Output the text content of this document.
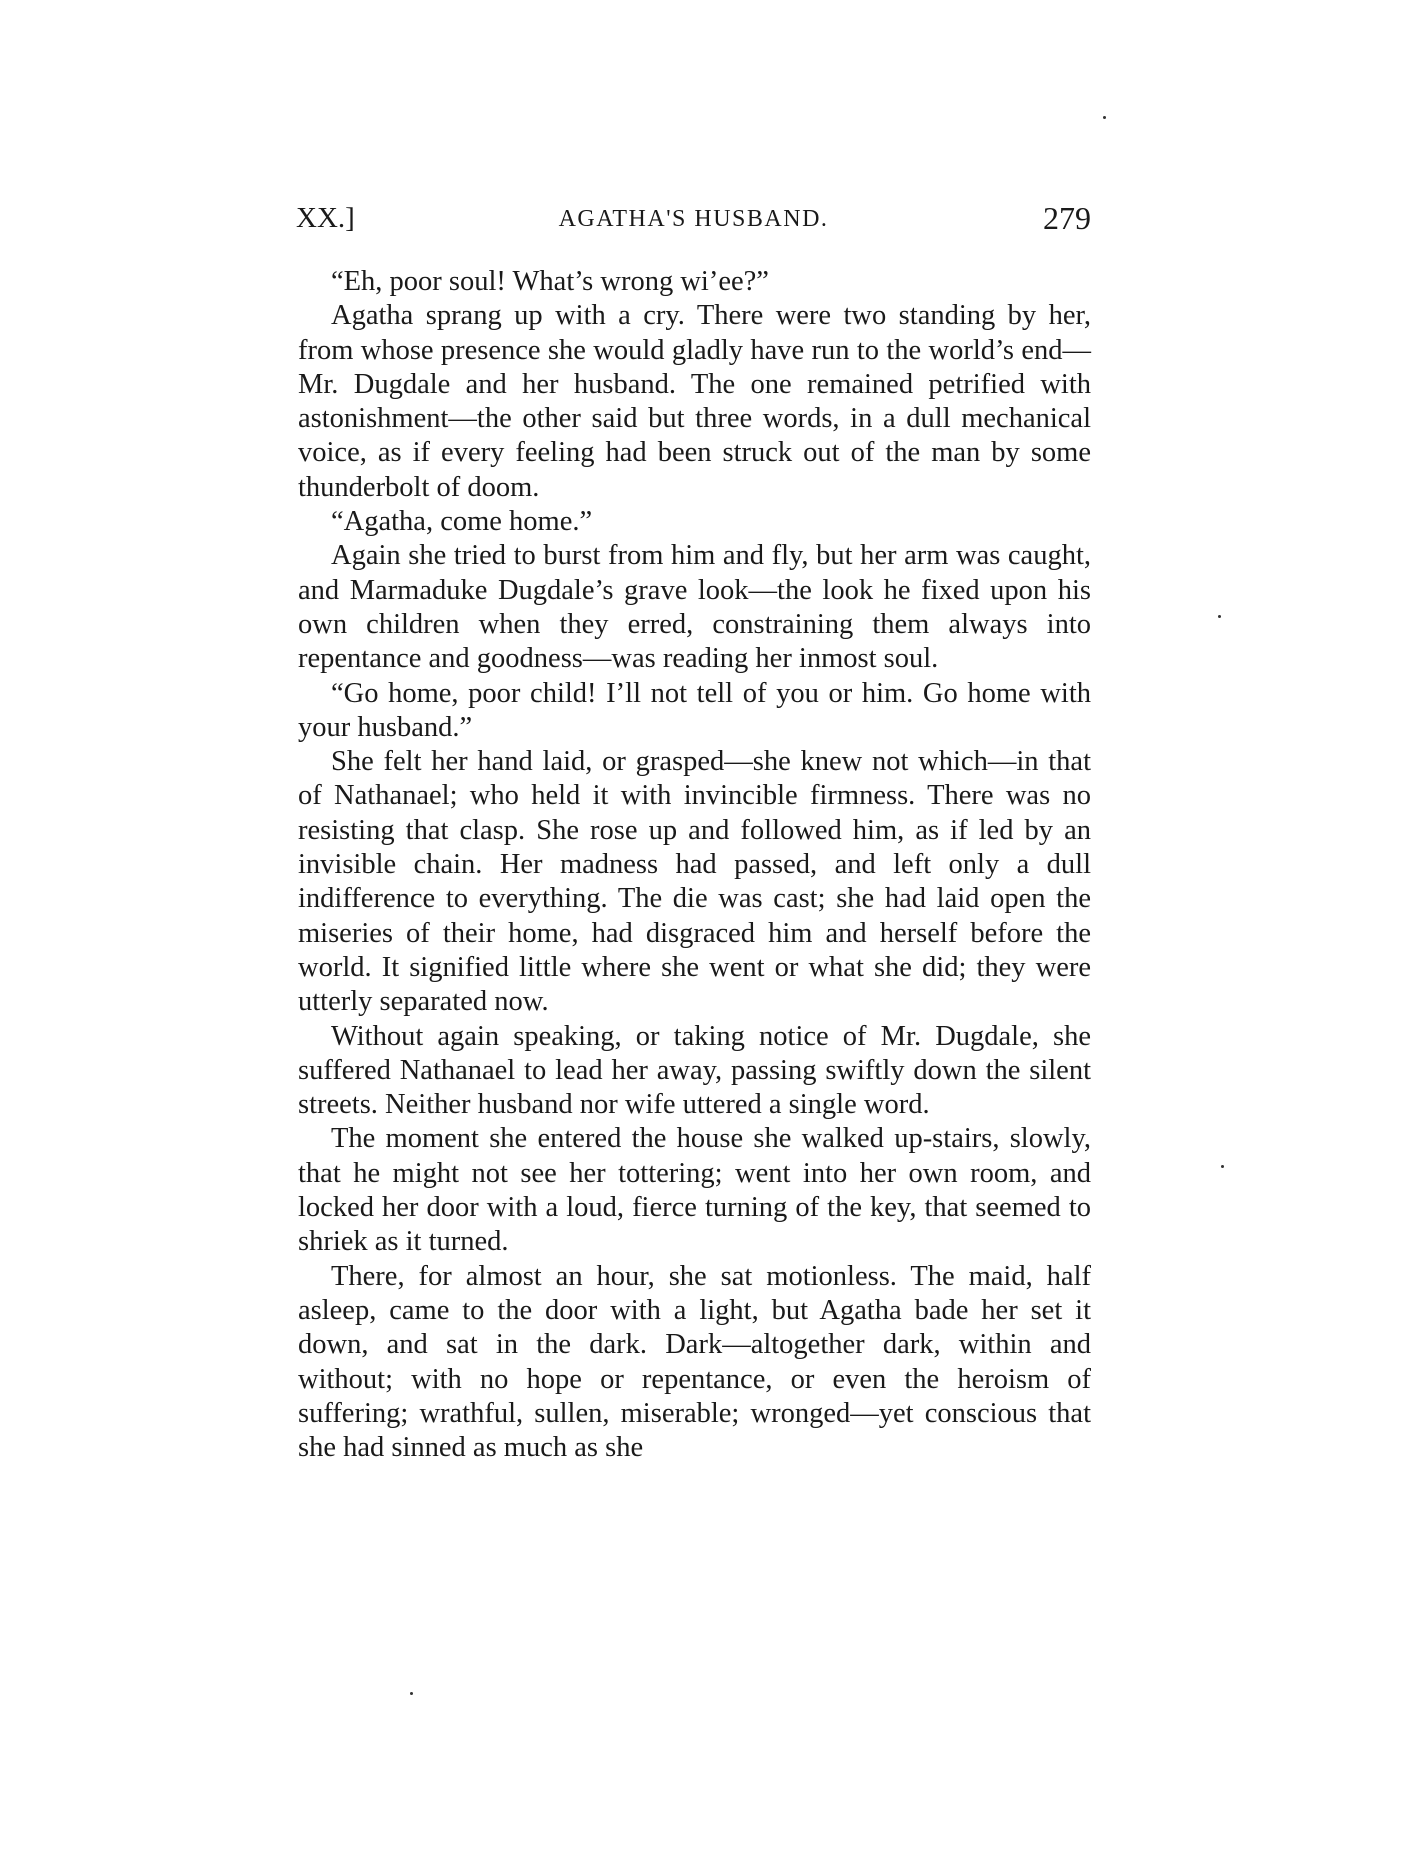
XX.]	AGATHA'S HUSBAND.	279

“Eh, poor soul! What’s wrong wi’ee?”

Agatha sprang up with a cry. There were two standing by her, from whose presence she would gladly have run to the world’s end—Mr. Dugdale and her husband. The one remained petrified with astonishment—the other said but three words, in a dull mechanical voice, as if every feeling had been struck out of the man by some thunderbolt of doom.

“Agatha, come home.”

Again she tried to burst from him and fly, but her arm was caught, and Marmaduke Dugdale’s grave look—the look he fixed upon his own children when they erred, constraining them always into repentance and goodness—was reading her inmost soul.

“Go home, poor child! I’ll not tell of you or him. Go home with your husband.”

She felt her hand laid, or grasped—she knew not which—in that of Nathanael; who held it with invincible firmness. There was no resisting that clasp. She rose up and followed him, as if led by an invisible chain. Her madness had passed, and left only a dull indifference to everything. The die was cast; she had laid open the miseries of their home, had disgraced him and herself before the world. It signified little where she went or what she did; they were utterly separated now.

Without again speaking, or taking notice of Mr. Dugdale, she suffered Nathanael to lead her away, passing swiftly down the silent streets. Neither husband nor wife uttered a single word.

The moment she entered the house she walked up-stairs, slowly, that he might not see her tottering; went into her own room, and locked her door with a loud, fierce turning of the key, that seemed to shriek as it turned.

There, for almost an hour, she sat motionless. The maid, half asleep, came to the door with a light, but Agatha bade her set it down, and sat in the dark. Dark—altogether dark, within and without; with no hope or repentance, or even the heroism of suffering; wrathful, sullen, miserable; wronged—yet conscious that she had sinned as much as she
